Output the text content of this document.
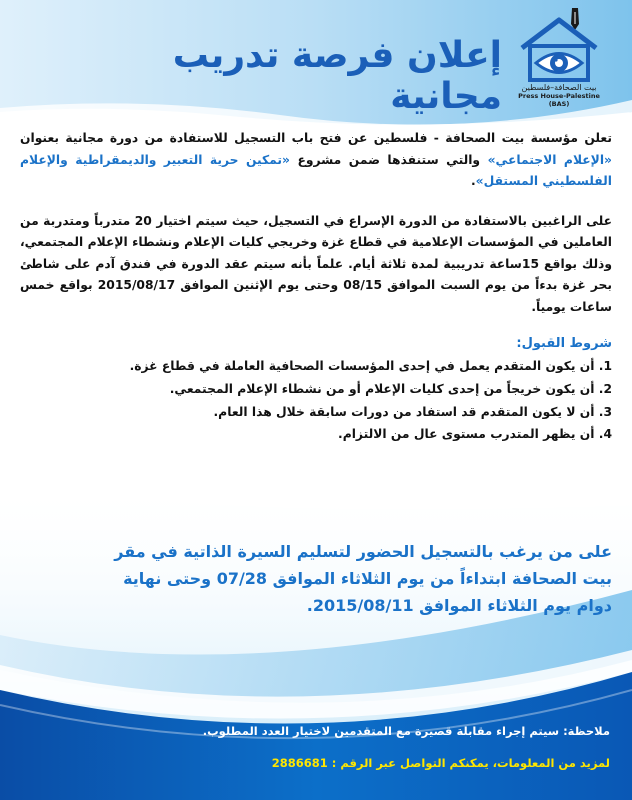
بيت الصحافة–فلسطين
Press House-Palestine
(BAS)
إعلان فرصة تدريب مجانية

تعلن مؤسسة بيت الصحافة - فلسطين عن فتح باب التسجيل للاستفادة من دورة مجانية بعنوان «الإعلام الاجتماعي» والتي ستنفذها ضمن مشروع «تمكين حرية التعبير والديمقراطية والإعلام الفلسطيني المستقل».

على الراغبين بالاستفادة من الدورة الإسراع في التسجيل، حيث سيتم اختيار 20 متدرباً ومتدربة من العاملين في المؤسسات الإعلامية في قطاع غزة وخريجي كليات الإعلام ونشطاء الإعلام المجتمعي، وذلك بواقع 15ساعة تدريبية لمدة ثلاثة أيام. علماً بأنه سيتم عقد الدورة في فندق آدم على شاطئ بحر غزة بدءاً من يوم السبت الموافق 08/15 وحتى يوم الإثنين الموافق 2015/08/17 بواقع خمس ساعات يومياً.

شروط القبول:
1. أن يكون المتقدم يعمل في إحدى المؤسسات الصحافية العاملة في قطاع غزة.
2. أن يكون خريجاً من إحدى كليات الإعلام أو من نشطاء الإعلام المجتمعي.
3. أن لا يكون المتقدم قد استفاد من دورات سابقة خلال هذا العام.
4. أن يظهر المتدرب مستوى عال من الالتزام.
على من يرغب بالتسجيل الحضور لتسليم السيرة الذاتية في مقر
بيت الصحافة ابتداءاً من يوم الثلاثاء الموافق 07/28 وحتى نهاية
دوام يوم الثلاثاء الموافق 2015/08/11.
ملاحظة: سيتم إجراء مقابلة قصيرة مع المتقدمين لاختيار العدد المطلوب.
لمزيد من المعلومات، يمكنكم التواصل عبر الرقم : 2886681
